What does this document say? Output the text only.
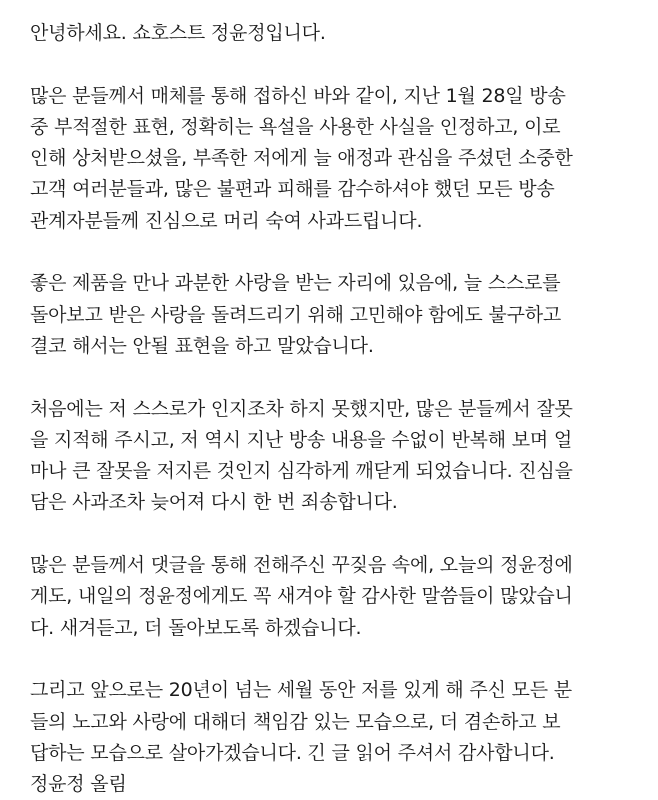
안녕하세요. 쇼호스트 정윤정입니다.

많은 분들께서 매체를 통해 접하신 바와 같이, 지난 1월 28일 방송
중 부적절한 표현, 정확히는 욕설을 사용한 사실을 인정하고, 이로
인해 상처받으셨을, 부족한 저에게 늘 애정과 관심을 주셨던 소중한
고객 여러분들과, 많은 불편과 피해를 감수하셔야 했던 모든 방송
관계자분들께 진심으로 머리 숙여 사과드립니다.

좋은 제품을 만나 과분한 사랑을 받는 자리에 있음에, 늘 스스로를
돌아보고 받은 사랑을 돌려드리기 위해 고민해야 함에도 불구하고
결코 해서는 안될 표현을 하고 말았습니다.

처음에는 저 스스로가 인지조차 하지 못했지만, 많은 분들께서 잘못
을 지적해 주시고, 저 역시 지난 방송 내용을 수없이 반복해 보며 얼
마나 큰 잘못을 저지른 것인지 심각하게 깨닫게 되었습니다. 진심을
담은 사과조차 늦어져 다시 한 번 죄송합니다.

많은 분들께서 댓글을 통해 전해주신 꾸짖음 속에, 오늘의 정윤정에
게도, 내일의 정윤정에게도 꼭 새겨야 할 감사한 말씀들이 많았습니
다. 새겨듣고, 더 돌아보도록 하겠습니다.

그리고 앞으로는 20년이 넘는 세월 동안 저를 있게 해 주신 모든 분
들의 노고와 사랑에 대해더 책임감 있는 모습으로, 더 겸손하고 보
답하는 모습으로 살아가겠습니다. 긴 글 읽어 주셔서 감사합니다.
정윤정 올림
